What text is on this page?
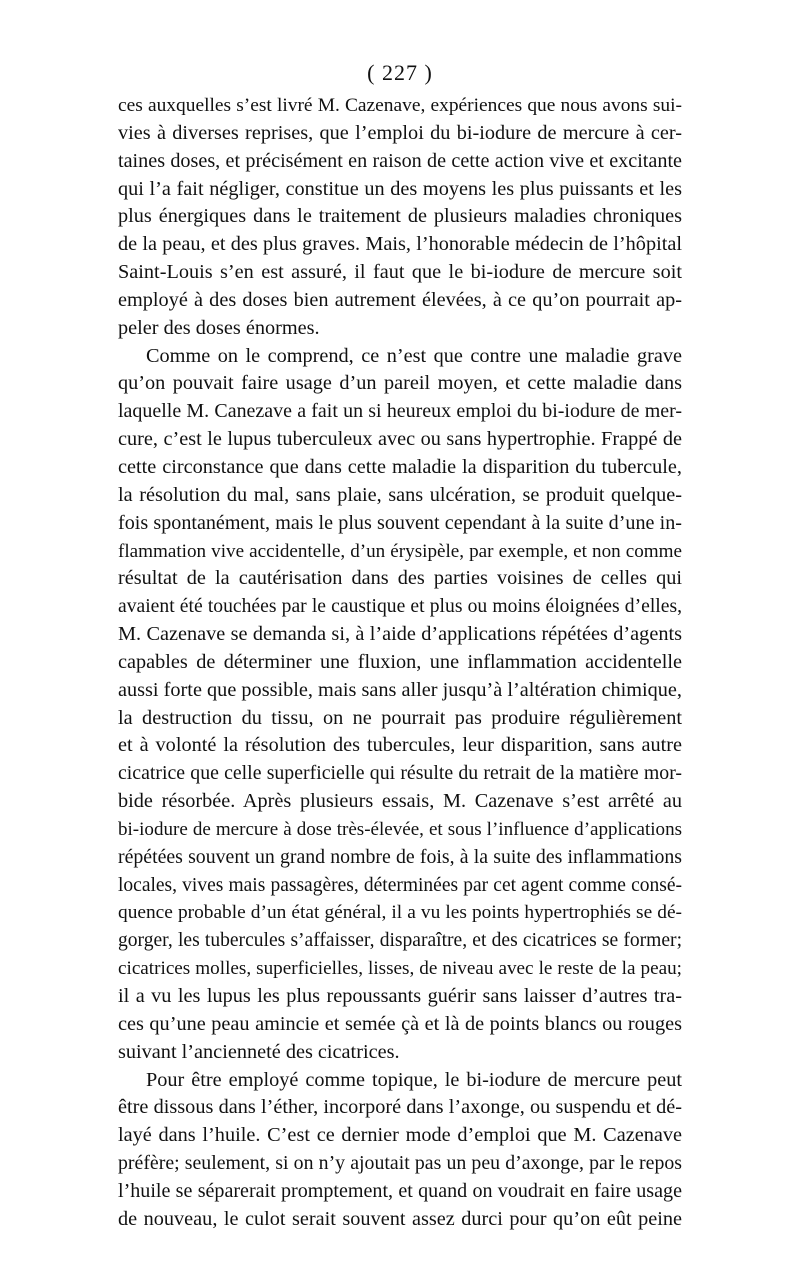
( 227 )
ces auxquelles s’est livré M. Cazenave, expériences que nous avons sui-
vies à diverses reprises, que l’emploi du bi-iodure de mercure à cer-
taines doses, et précisément en raison de cette action vive et excitante
qui l’a fait négliger, constitue un des moyens les plus puissants et les
plus énergiques dans le traitement de plusieurs maladies chroniques
de la peau, et des plus graves. Mais, l’honorable médecin de l’hôpital
Saint-Louis s’en est assuré, il faut que le bi-iodure de mercure soit
employé à des doses bien autrement élevées, à ce qu’on pourrait ap-
peler des doses énormes.
Comme on le comprend, ce n’est que contre une maladie grave
qu’on pouvait faire usage d’un pareil moyen, et cette maladie dans
laquelle M. Canezave a fait un si heureux emploi du bi-iodure de mer-
cure, c’est le lupus tuberculeux avec ou sans hypertrophie. Frappé de
cette circonstance que dans cette maladie la disparition du tubercule,
la résolution du mal, sans plaie, sans ulcération, se produit quelque-
fois spontanément, mais le plus souvent cependant à la suite d’une in-
flammation vive accidentelle, d’un érysipèle, par exemple, et non comme
résultat de la cautérisation dans des parties voisines de celles qui
avaient été touchées par le caustique et plus ou moins éloignées d’elles,
M. Cazenave se demanda si, à l’aide d’applications répétées d’agents
capables de déterminer une fluxion, une inflammation accidentelle
aussi forte que possible, mais sans aller jusqu’à l’altération chimique,
la destruction du tissu, on ne pourrait pas produire régulièrement
et à volonté la résolution des tubercules, leur disparition, sans autre
cicatrice que celle superficielle qui résulte du retrait de la matière mor-
bide résorbée. Après plusieurs essais, M. Cazenave s’est arrêté au
bi-iodure de mercure à dose très-élevée, et sous l’influence d’applications
répétées souvent un grand nombre de fois, à la suite des inflammations
locales, vives mais passagères, déterminées par cet agent comme consé-
quence probable d’un état général, il a vu les points hypertrophiés se dé-
gorger, les tubercules s’affaisser, disparaître, et des cicatrices se former;
cicatrices molles, superficielles, lisses, de niveau avec le reste de la peau;
il a vu les lupus les plus repoussants guérir sans laisser d’autres tra-
ces qu’une peau amincie et semée çà et là de points blancs ou rouges
suivant l’ancienneté des cicatrices.
Pour être employé comme topique, le bi-iodure de mercure peut
être dissous dans l’éther, incorporé dans l’axonge, ou suspendu et dé-
layé dans l’huile. C’est ce dernier mode d’emploi que M. Cazenave
préfère; seulement, si on n’y ajoutait pas un peu d’axonge, par le repos
l’huile se séparerait promptement, et quand on voudrait en faire usage
de nouveau, le culot serait souvent assez durci pour qu’on eût peine
